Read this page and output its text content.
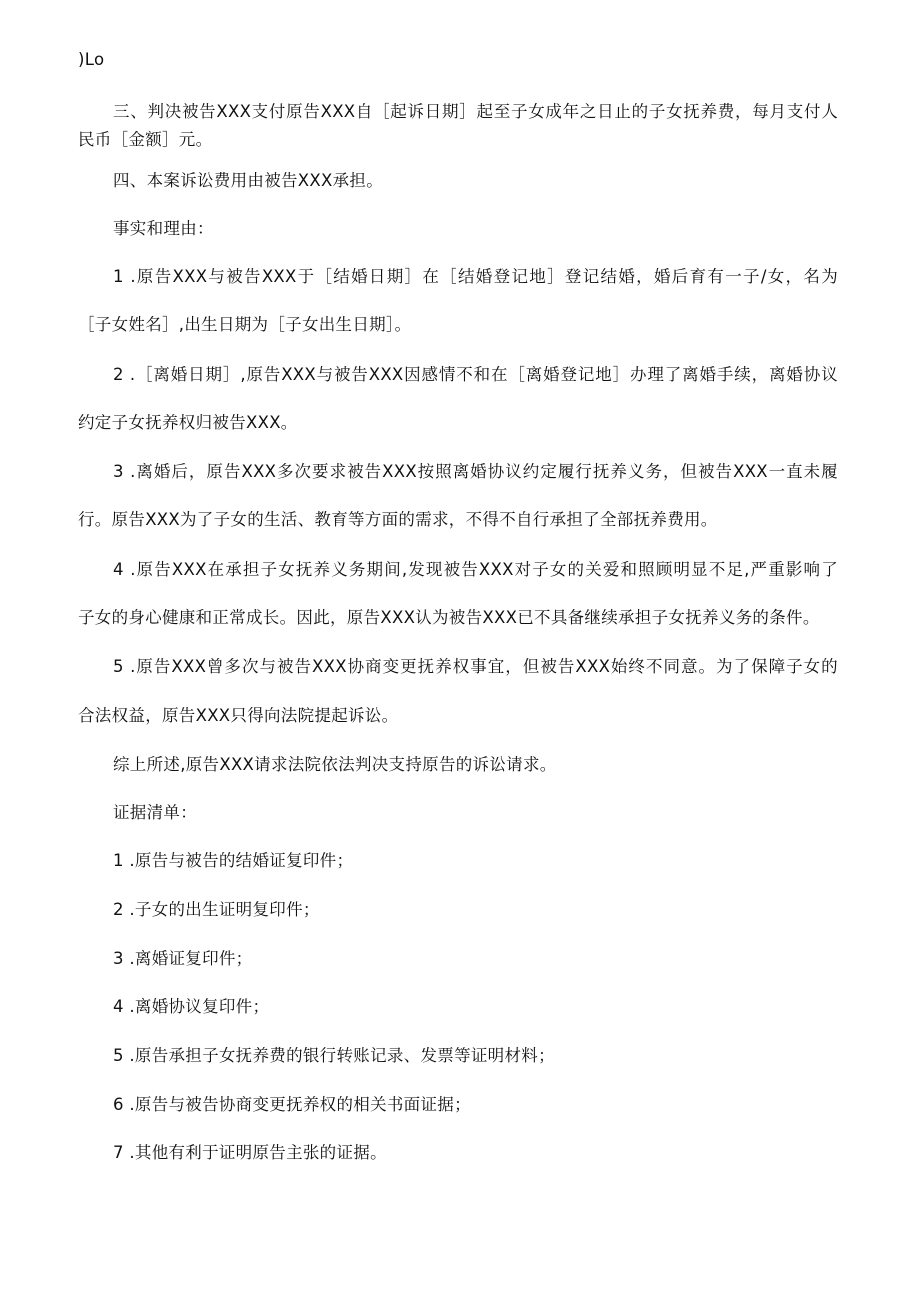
)Lo
三、判决被告XXX支付原告XXX自［起诉日期］起至子女成年之日止的子女抚养费，每月支付人
民币［金额］元。
四、本案诉讼费用由被告XXX承担。
事实和理由：
1 .原告XXX与被告XXX于［结婚日期］在［结婚登记地］登记结婚，婚后育有一子/女，名为
［子女姓名］,出生日期为［子女出生日期］。
2 .［离婚日期］,原告XXX与被告XXX因感情不和在［离婚登记地］办理了离婚手续，离婚协议
约定子女抚养权归被告XXX。
3 .离婚后，原告XXX多次要求被告XXX按照离婚协议约定履行抚养义务，但被告XXX一直未履
行。原告XXX为了子女的生活、教育等方面的需求，不得不自行承担了全部抚养费用。
4 .原告XXX在承担子女抚养义务期间,发现被告XXX对子女的关爱和照顾明显不足,严重影响了
子女的身心健康和正常成长。因此，原告XXX认为被告XXX已不具备继续承担子女抚养义务的条件。
5 .原告XXX曾多次与被告XXX协商变更抚养权事宜，但被告XXX始终不同意。为了保障子女的
合法权益，原告XXX只得向法院提起诉讼。
综上所述,原告XXX请求法院依法判决支持原告的诉讼请求。
证据清单：
1 .原告与被告的结婚证复印件；
2 .子女的出生证明复印件；
3 .离婚证复印件；
4 .离婚协议复印件；
5 .原告承担子女抚养费的银行转账记录、发票等证明材料；
6 .原告与被告协商变更抚养权的相关书面证据；
7 .其他有利于证明原告主张的证据。
